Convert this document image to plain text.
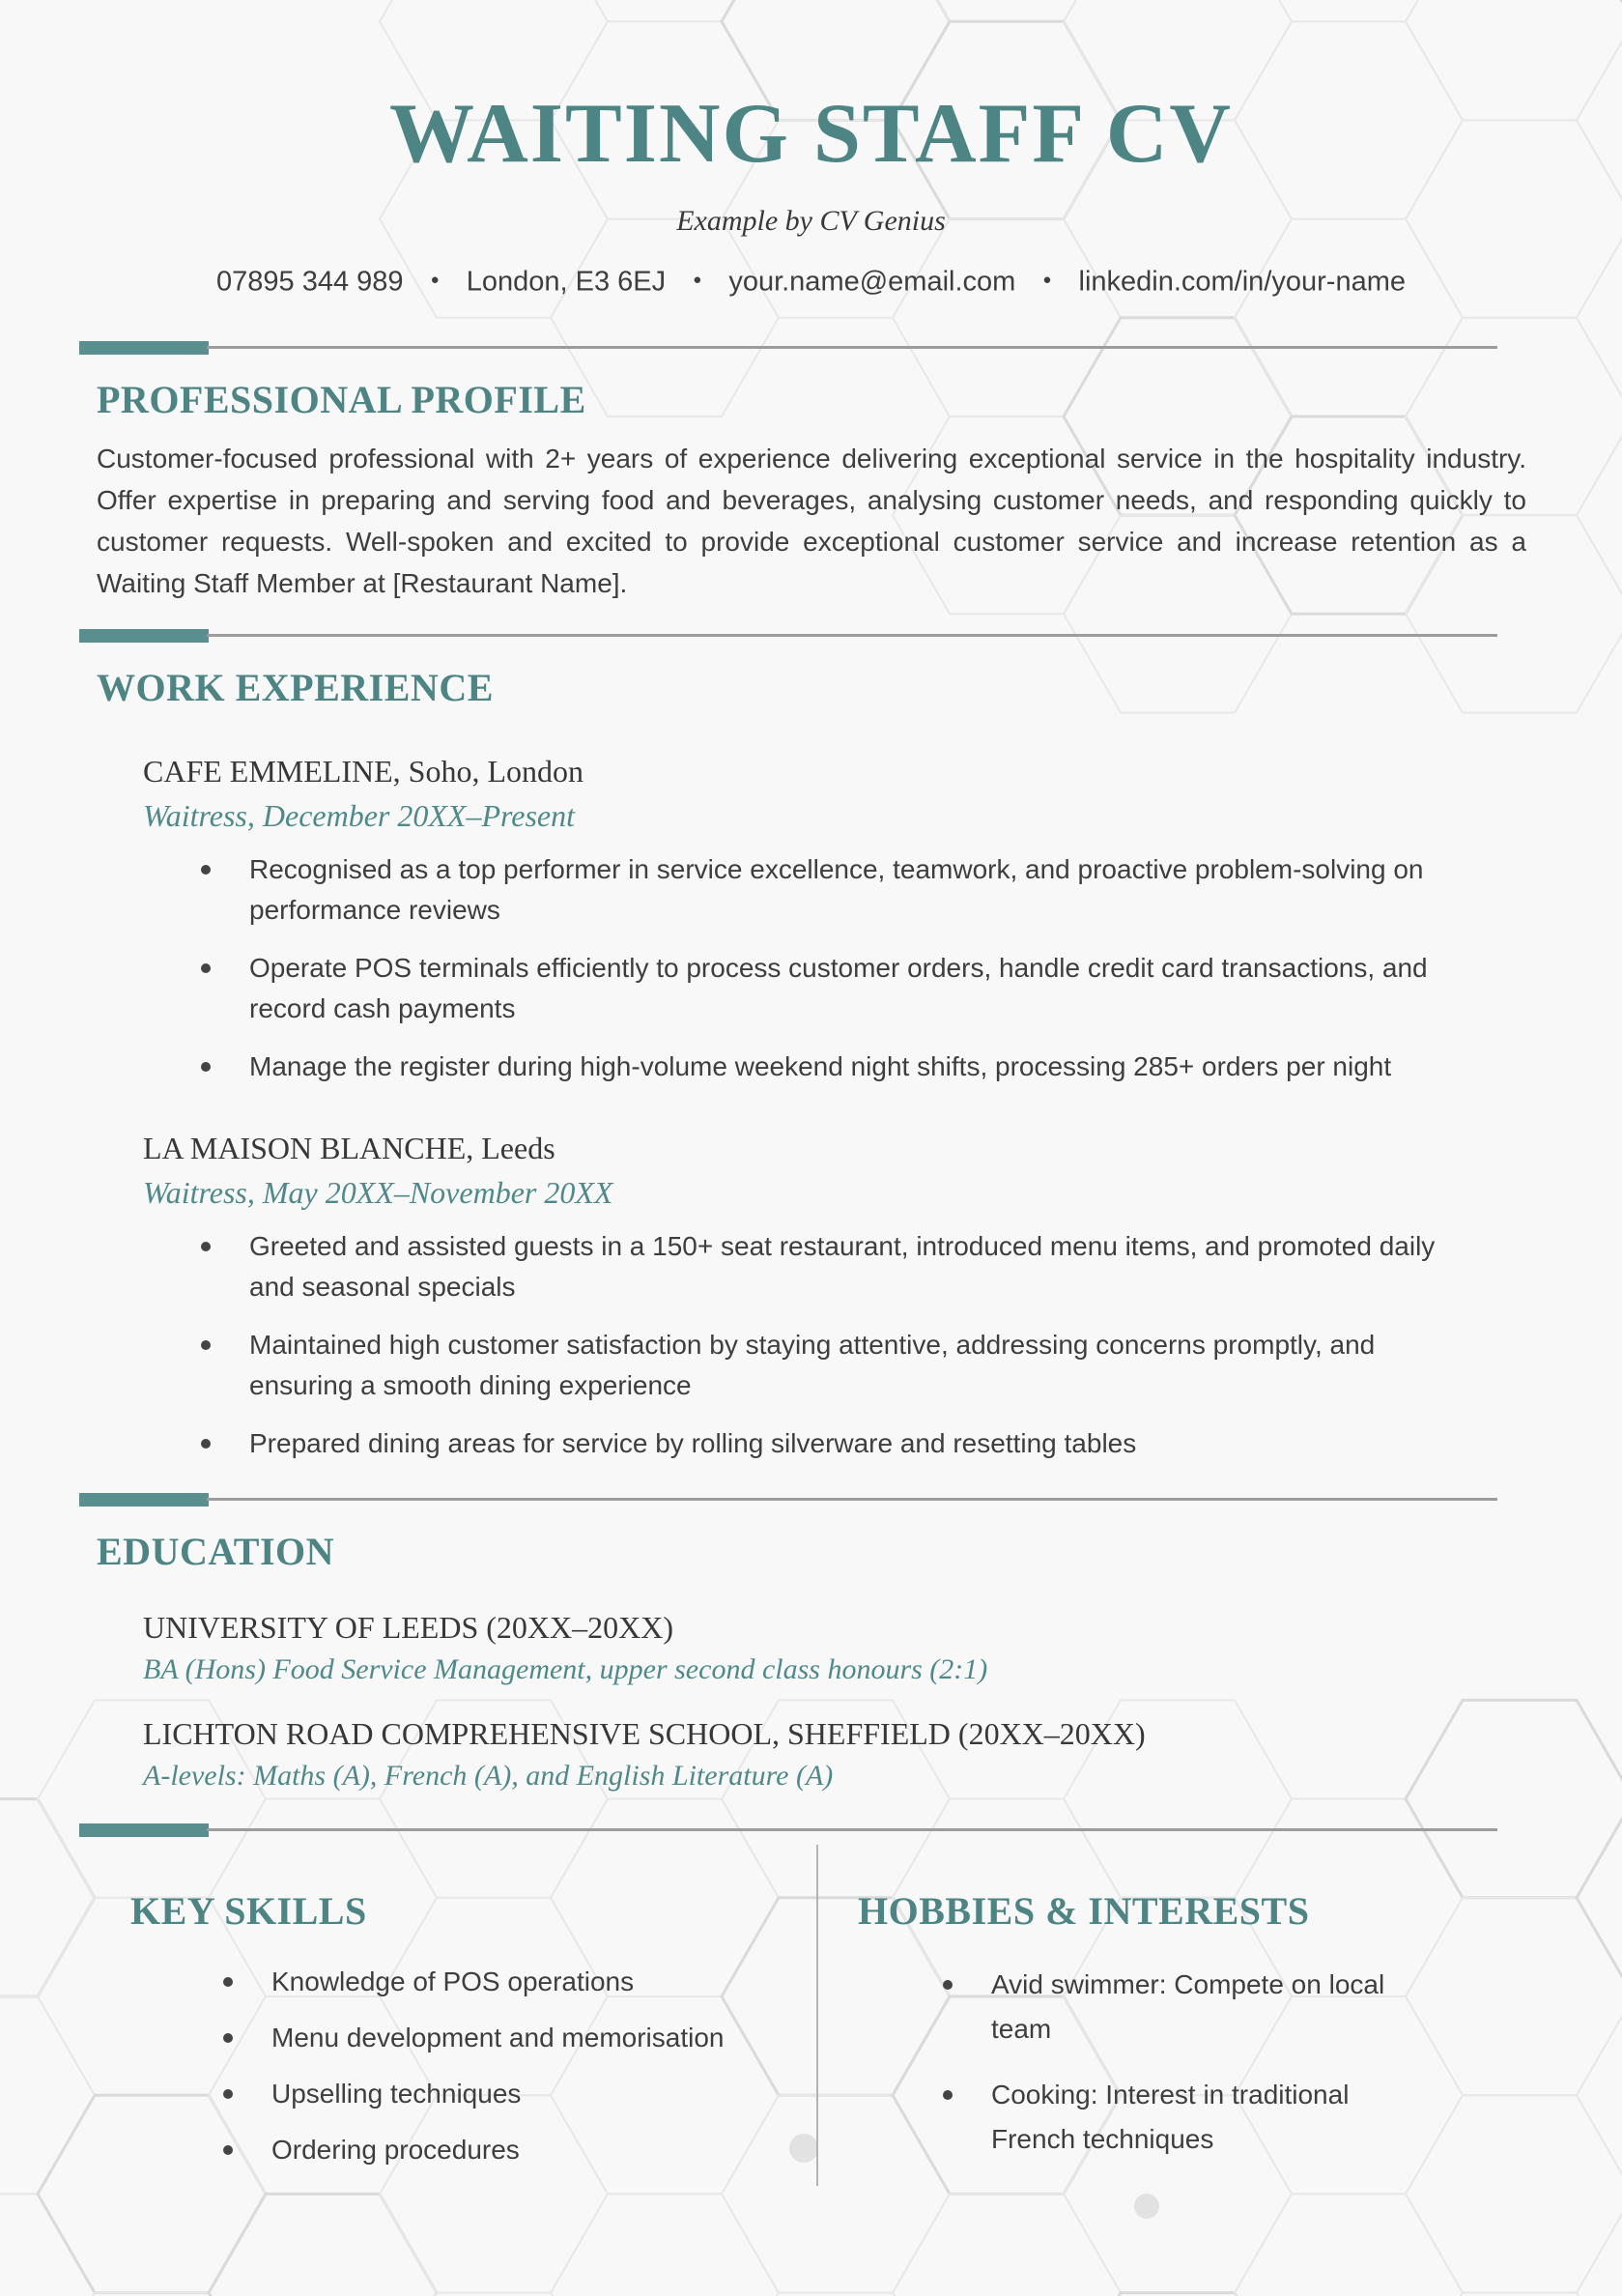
WAITING STAFF CV
Example by CV Genius
07895 344 989 ● London, E3 6EJ ● your.name@email.com ● linkedin.com/in/your-name
PROFESSIONAL PROFILE

Customer-focused professional with 2+ years of experience delivering exceptional service in the hospitality industry. Offer expertise in preparing and serving food and beverages, analysing customer needs, and responding quickly to customer requests. Well-spoken and excited to provide exceptional customer service and increase retention as a Waiting Staff Member at [Restaurant Name].

WORK EXPERIENCE
CAFE EMMELINE, Soho, London
Waitress, December 20XX–Present
Recognised as a top performer in service excellence, teamwork, and proactive problem-solving on performance reviews
Operate POS terminals efficiently to process customer orders, handle credit card transactions, and record cash payments
Manage the register during high-volume weekend night shifts, processing 285+ orders per night
LA MAISON BLANCHE, Leeds
Waitress, May 20XX–November 20XX
Greeted and assisted guests in a 150+ seat restaurant, introduced menu items, and promoted daily and seasonal specials
Maintained high customer satisfaction by staying attentive, addressing concerns promptly, and ensuring a smooth dining experience
Prepared dining areas for service by rolling silverware and resetting tables
EDUCATION
UNIVERSITY OF LEEDS (20XX–20XX)
BA (Hons) Food Service Management, upper second class honours (2:1)
LICHTON ROAD COMPREHENSIVE SCHOOL, SHEFFIELD (20XX–20XX)
A-levels: Maths (A), French (A), and English Literature (A)
KEY SKILLS
Knowledge of POS operations
Menu development and memorisation
Upselling techniques
Ordering procedures
HOBBIES & INTERESTS
Avid swimmer: Compete on local team
Cooking: Interest in traditional French techniques
